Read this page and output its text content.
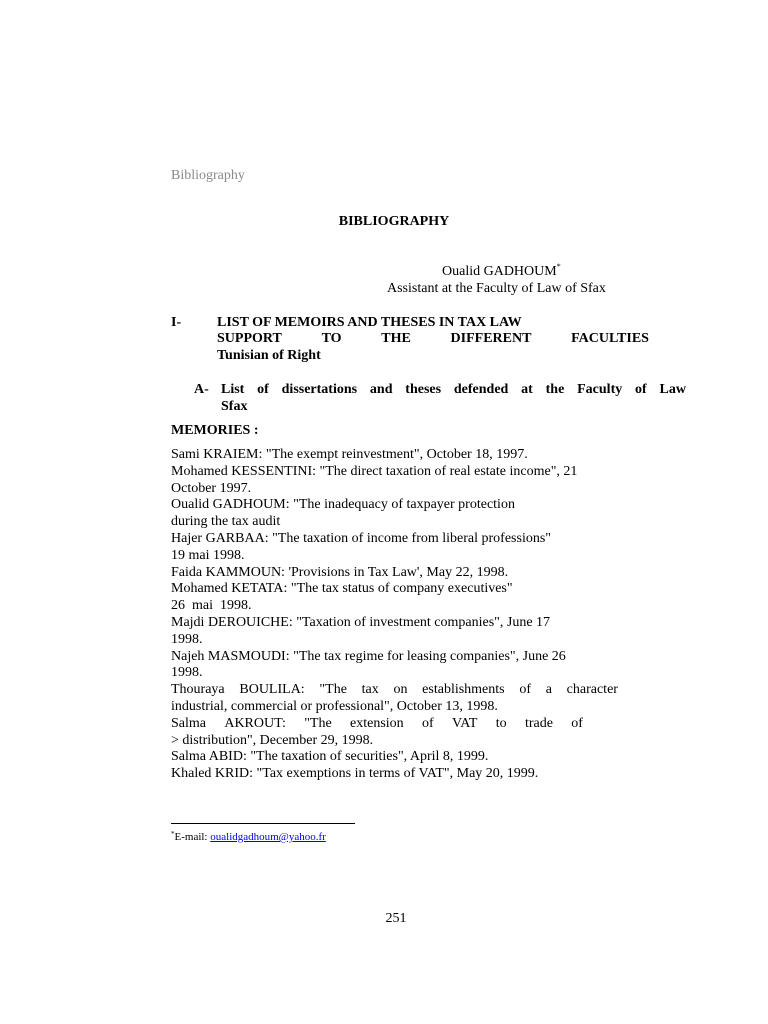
Bibliography
BIBLIOGRAPHY
Oualid GADHOUM*
Assistant at the Faculty of Law of Sfax
I-	LIST OF MEMOIRS AND THESES IN TAX LAW
SUPPORT	TO	THE	DIFFERENT	FACULTIES
Tunisian of Right
A- List of dissertations and theses defended at the Faculty of Law
Sfax
MEMORIES :
Sami KRAIEM: "The exempt reinvestment", October 18, 1997.
Mohamed KESSENTINI: "The direct taxation of real estate income", 21
October 1997.
Oualid GADHOUM: "The inadequacy of taxpayer protection
during the tax audit
Hajer GARBAA: "The taxation of income from liberal professions"
19 mai 1998.
Faida KAMMOUN: 'Provisions in Tax Law', May 22, 1998.
Mohamed KETATA: "The tax status of company executives"
26  mai  1998.
Majdi DEROUICHE: "Taxation of investment companies", June 17
1998.
Najeh MASMOUDI: "The tax regime for leasing companies", June 26
1998.
Thouraya BOULILA: "The tax on establishments of a character
industrial, commercial or professional", October 13, 1998.
Salma AKROUT: "The extension of VAT to trade of
> distribution", December 29, 1998.
Salma ABID: "The taxation of securities", April 8, 1999.
Khaled KRID: "Tax exemptions in terms of VAT", May 20, 1999.
*E-mail: oualidgadhoum@yahoo.fr
251
